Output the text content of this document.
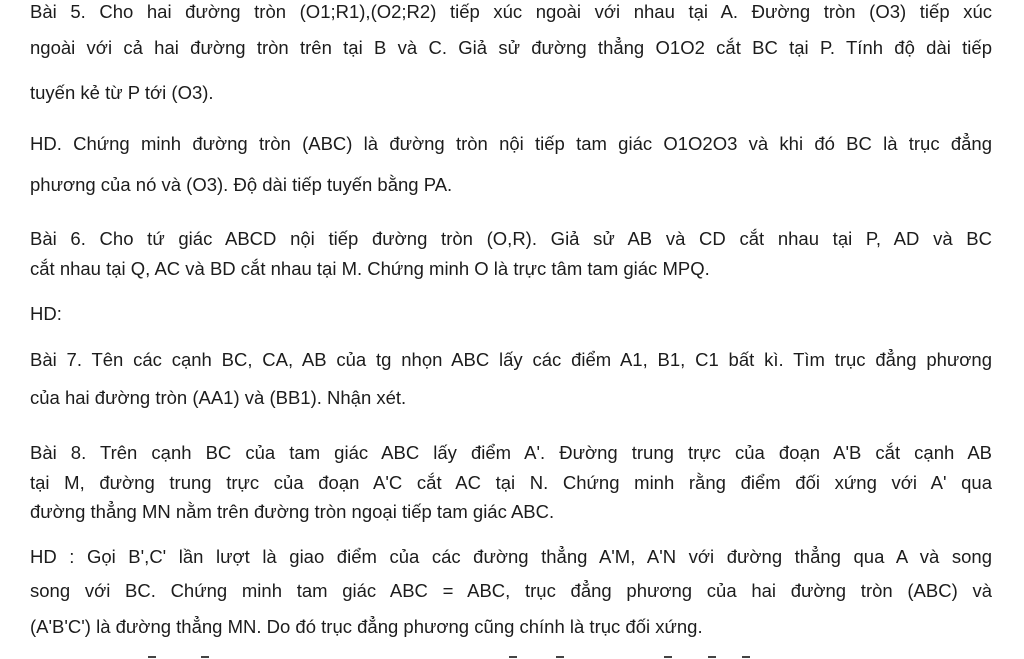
Bài 5. Cho hai đường tròn (O1;R1),(O2;R2) tiếp xúc ngoài với nhau tại A. Đường tròn (O3) tiếp xúc
ngoài với cả hai đường tròn trên tại B và C. Giả sử đường thẳng O1O2 cắt BC tại P. Tính độ dài tiếp
tuyến kẻ từ P tới (O3).
HD. Chứng minh đường tròn (ABC) là đường tròn nội tiếp tam giác O1O2O3 và khi đó BC là trục đẳng
phương của nó và (O3). Độ dài tiếp tuyến bằng PA.
Bài 6. Cho tứ giác ABCD nội tiếp đường tròn (O,R). Giả sử AB và CD cắt nhau tại P, AD và BC
cắt nhau tại Q, AC và BD cắt nhau tại M. Chứng minh O là trực tâm tam giác MPQ.
HD:
Bài 7. Tên các cạnh BC, CA, AB của tg nhọn ABC lấy các điểm A1, B1, C1 bất kì. Tìm trục đẳng phương
của hai đường tròn (AA1) và (BB1). Nhận xét.
Bài 8. Trên cạnh BC của tam giác ABC lấy điểm A'. Đường trung trực của đoạn A'B cắt cạnh AB
tại M, đường trung trực của đoạn A'C cắt AC tại N. Chứng minh rằng điểm đối xứng với A' qua
đường thẳng MN nằm trên đường tròn ngoại tiếp tam giác ABC.
HD : Gọi B',C' lần lượt là giao điểm của các đường thẳng A'M, A'N với đường thẳng qua A và song
song với BC. Chứng minh tam giác ABC = ABC, trục đẳng phương của hai đường tròn (ABC) và
(A'B'C') là đường thẳng MN. Do đó trục đẳng phương cũng chính là trục đối xứng.
